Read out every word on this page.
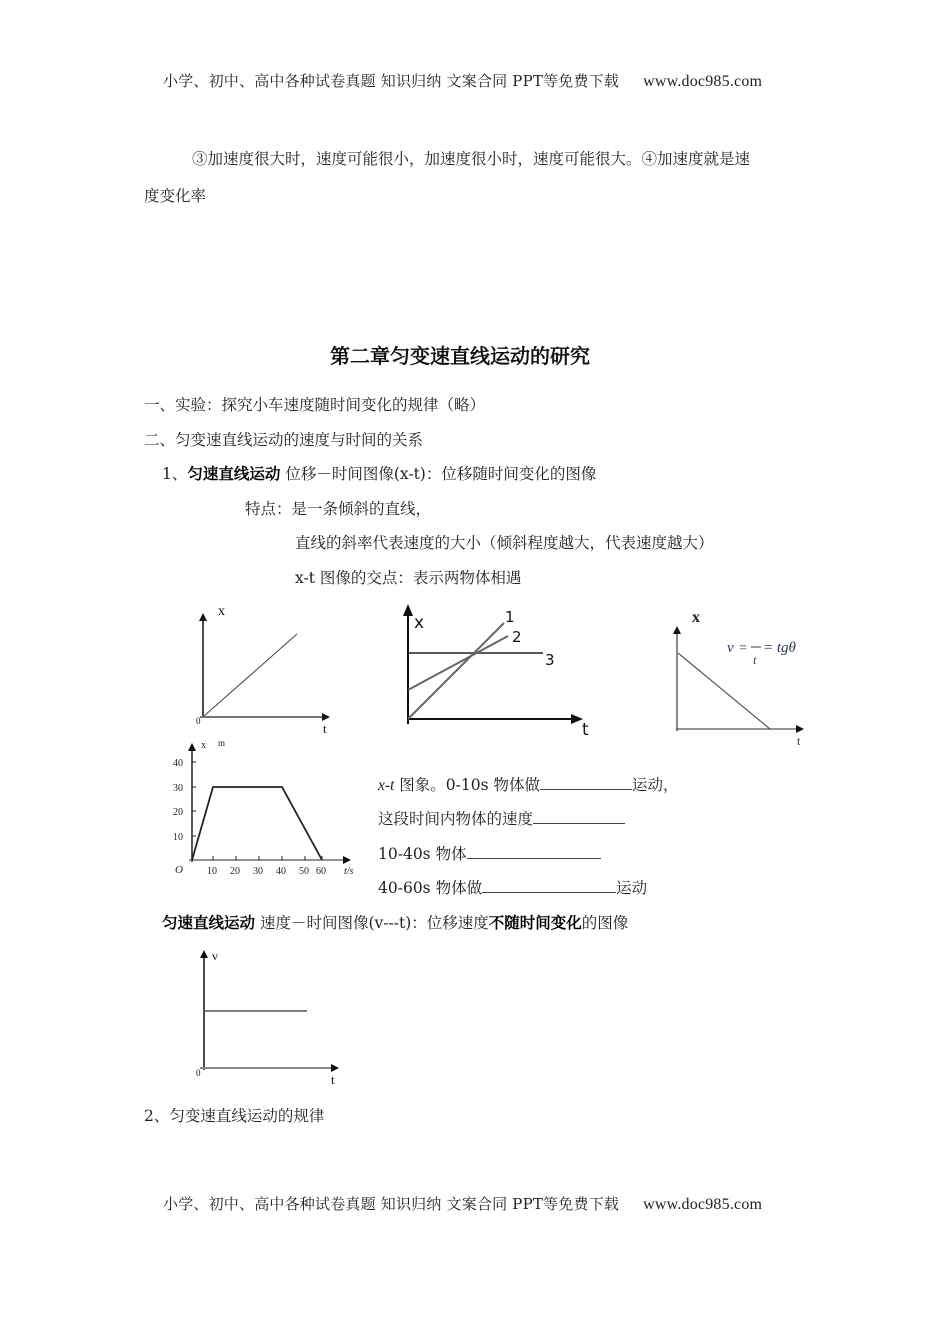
小学、初中、高中各种试卷真题 知识归纳 文案合同 PPT等免费下载 www.doc985.com
③加速度很大时，速度可能很小，加速度很小时，速度可能很大。④加速度就是速
度变化率
第二章匀变速直线运动的研究
一、实验：探究小车速度随时间变化的规律（略）
二、匀变速直线运动的速度与时间的关系
1、匀速直线运动 位移－时间图像(x-t)：位移随时间变化的图像
特点：是一条倾斜的直线，
直线的斜率代表速度的大小（倾斜程度越大，代表速度越大）
x-t 图像的交点：表示两物体相遇
x
0	t
x	1
2
3
t
x
t
v =
t
= tgθ
x m
40
30
20
10
O 10 20 30 40 50 60 t/s
v
0	t
x-t 图象。0-10s 物体做	运动，
这段时间内物体的速度
10-40s 物体
40-60s 物体做	运动
匀速直线运动 速度－时间图像(v---t)：位移速度不随时间变化的图像
2、匀变速直线运动的规律
小学、初中、高中各种试卷真题 知识归纳 文案合同 PPT等免费下载 www.doc985.com
